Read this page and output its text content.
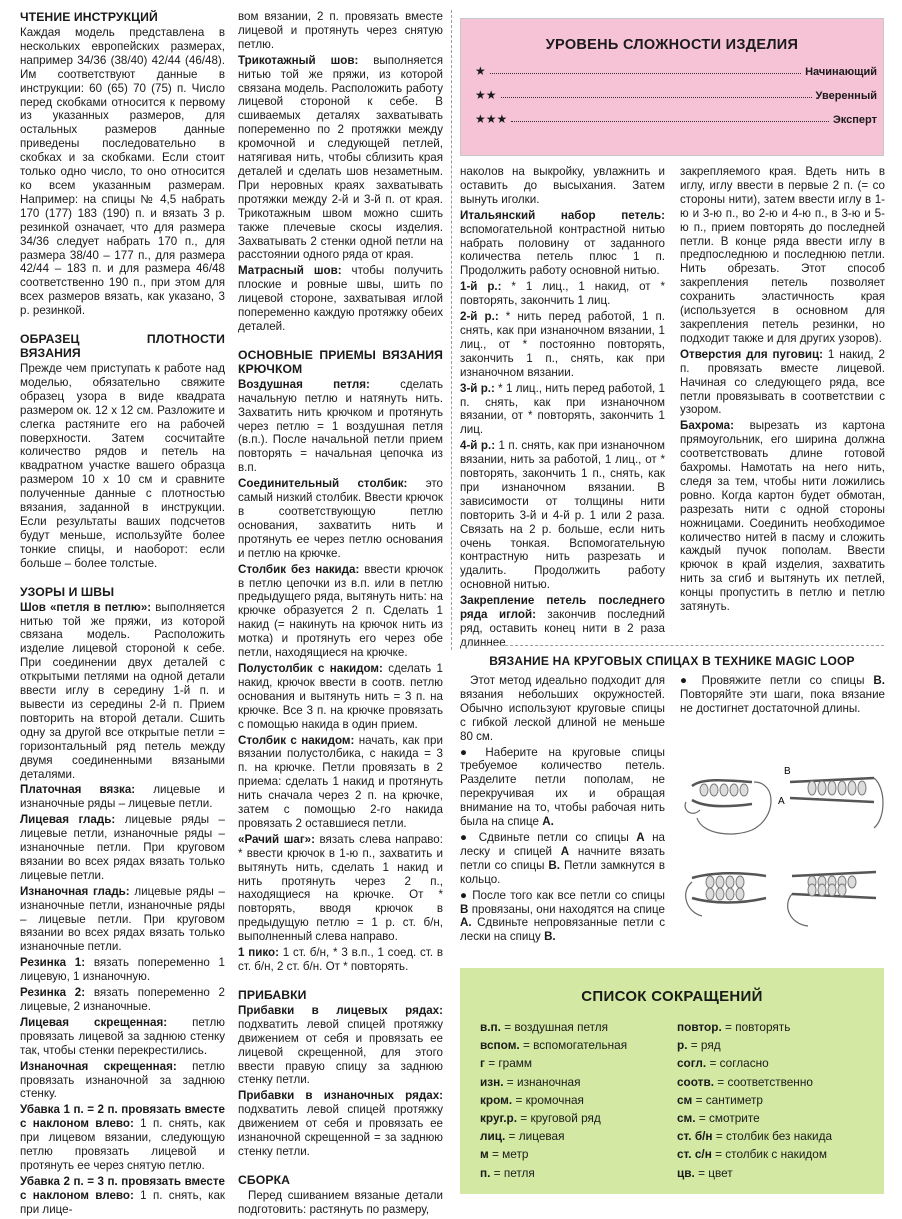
ЧТЕНИЕ ИНСТРУКЦИЙ

Каждая модель представлена в нескольких европейских размерах, например 34/36 (38/40) 42/44 (46/48). Им соответствуют данные в инструкции: 60 (65) 70 (75) п. Число перед скобками относится к первому из указанных размеров, для остальных размеров данные приведены последовательно в скобках и за скобками. Если стоит только одно число, то оно относится ко всем указанным размерам. Например: на спицы № 4,5 набрать 170 (177) 183 (190) п. и вязать 3 р. резинкой означает, что для размера 34/36 следует набрать 170 п., для размера 38/40 – 177 п., для размера 42/44 – 183 п. и для размера 46/48 соответственно 190 п., при этом для всех размеров вязать, как указано, 3 р. резинкой.

ОБРАЗЕЦ ПЛОТНОСТИ ВЯЗАНИЯ

Прежде чем приступать к работе над моделью, обязательно свяжите образец узора в виде квадрата размером ок. 12 х 12 см. Разложите и слегка растяните его на рабочей поверхности. Затем сосчитайте количество рядов и петель на квадратном участке вашего образца размером 10 х 10 см и сравните полученные данные с плотностью вязания, заданной в инструкции. Если результаты ваших подсчетов будут меньше, используйте более тонкие спицы, и наоборот: если больше – более толстые.

УЗОРЫ И ШВЫ

Шов «петля в петлю»: выполняется нитью той же пряжи, из которой связана модель. Расположить изделие лицевой стороной к себе. При соединении двух деталей с открытыми петлями на одной детали ввести иглу в середину 1-й п. и вывести из середины 2-й п. Прием повторить на второй детали. Сшить одну за другой все открытые петли = горизонтальный ряд петель между двумя соединенными вязаными деталями.

Платочная вязка: лицевые и изнаночные ряды – лицевые петли.

Лицевая гладь: лицевые ряды – лицевые петли, изнаночные ряды – изнаночные петли. При круговом вязании во всех рядах вязать только лицевые петли.

Изнаночная гладь: лицевые ряды – изнаночные петли, изнаночные ряды – лицевые петли. При круговом вязании во всех рядах вязать только изнаночные петли.

Резинка 1: вязать попеременно 1 лицевую, 1 изнаночную.

Резинка 2: вязать попеременно 2 лицевые, 2 изнаночные.

Лицевая скрещенная: петлю провязать лицевой за заднюю стенку так, чтобы стенки перекрестились.

Изнаночная скрещенная: петлю провязать изнаночной за заднюю стенку.

Убавка 1 п. = 2 п. провязать вместе с наклоном влево: 1 п. снять, как при лицевом вязании, следующую петлю провязать лицевой и протянуть ее через снятую петлю.

Убавка 2 п. = 3 п. провязать вместе с наклоном влево: 1 п. снять, как при лице-

вом вязании, 2 п. провязать вместе лицевой и протянуть через снятую петлю.

Трикотажный шов: выполняется нитью той же пряжи, из которой связана модель. Расположить работу лицевой стороной к себе. В сшиваемых деталях захватывать попеременно по 2 протяжки между кромочной и следующей петлей, натягивая нить, чтобы сблизить края деталей и сделать шов незаметным. При неровных краях захватывать протяжки между 2-й и 3-й п. от края. Трикотажным швом можно сшить также плечевые скосы изделия. Захватывать 2 стенки одной петли на расстоянии одного ряда от края.

Матрасный шов: чтобы получить плоские и ровные швы, шить по лицевой стороне, захватывая иглой попеременно каждую протяжку обеих деталей.

ОСНОВНЫЕ ПРИЕМЫ ВЯЗАНИЯ КРЮЧКОМ

Воздушная петля: сделать начальную петлю и натянуть нить. Захватить нить крючком и протянуть через петлю = 1 воздушная петля (в.п.). После начальной петли прием повторять = начальная цепочка из в.п.

Соединительный столбик: это самый низкий столбик. Ввести крючок в соответствующую петлю основания, захватить нить и протянуть ее через петлю основания и петлю на крючке.

Столбик без накида: ввести крючок в петлю цепочки из в.п. или в петлю предыдущего ряда, вытянуть нить: на крючке образуется 2 п. Сделать 1 накид (= накинуть на крючок нить из мотка) и протянуть его через обе петли, находящиеся на крючке.

Полустолбик с накидом: сделать 1 накид, крючок ввести в соотв. петлю основания и вытянуть нить = 3 п. на крючке. Все 3 п. на крючке провязать с помощью накида в один прием.

Столбик с накидом: начать, как при вязании полустолбика, с накида = 3 п. на крючке. Петли провязать в 2 приема: сделать 1 накид и протянуть нить сначала через 2 п. на крючке, затем с помощью 2-го накида провязать 2 оставшиеся петли.

«Рачий шаг»: вязать слева направо: * ввести крючок в 1-ю п., захватить и вытянуть нить, сделать 1 накид и нить протянуть через 2 п., находящиеся на крючке. От * повторять, вводя крючок в предыдущую петлю = 1 р. ст. б/н, выполненный слева направо.

1 пико: 1 ст. б/н, * 3 в.п., 1 соед. ст. в ст. б/н, 2 ст. б/н. От * повторять.

ПРИБАВКИ

Прибавки в лицевых рядах: подхватить левой спицей протяжку движением от себя и провязать ее лицевой скрещенной, для этого ввести правую спицу за заднюю стенку петли.

Прибавки в изнаночных рядах: подхватить левой спицей протяжку движением от себя и провязать ее изнаночной скрещенной = за заднюю стенку петли.

СБОРКА

Перед сшиванием вязаные детали подготовить: растянуть по размеру,

УРОВЕНЬ СЛОЖНОСТИ ИЗДЕЛИЯ
★	Начинающий
★★	Уверенный
★★★	Эксперт

наколов на выкройку, увлажнить и оставить до высыхания. Затем вынуть иголки.

Итальянский набор петель: вспомогательной контрастной нитью набрать половину от заданного количества петель плюс 1 п. Продолжить работу основной нитью.

1-й р.: * 1 лиц., 1 накид, от * повторять, закончить 1 лиц.

2-й р.: * нить перед работой, 1 п. снять, как при изнаночном вязании, 1 лиц., от * постоянно повторять, закончить 1 п., снять, как при изнаночном вязании.

3-й р.: * 1 лиц., нить перед работой, 1 п. снять, как при изнаночном вязании, от * повторять, закончить 1 лиц.

4-й р.: 1 п. снять, как при изнаночном вязании, нить за работой, 1 лиц., от * повторять, закончить 1 п., снять, как при изнаночном вязании. В зависимости от толщины нити повторить 3-й и 4-й р. 1 или 2 раза. Связать на 2 р. больше, если нить очень тонкая. Вспомогательную контрастную нить разрезать и удалить. Продолжить работу основной нитью.

Закрепление петель последнего ряда иглой: закончив последний ряд, оставить конец нити в 2 раза длиннее

закрепляемого края. Вдеть нить в иглу, иглу ввести в первые 2 п. (= со стороны нити), затем ввести иглу в 1-ю и 3-ю п., во 2-ю и 4-ю п., в 3-ю и 5-ю п., прием повторять до последней петли. В конце ряда ввести иглу в предпоследнюю и последнюю петли. Нить обрезать. Этот способ закрепления петель позволяет сохранить эластичность края (используется в основном для закрепления петель резинки, но подходит также и для других узоров).

Отверстия для пуговиц: 1 накид, 2 п. провязать вместе лицевой. Начиная со следующего ряда, все петли провязывать в соответствии с узором.

Бахрома: вырезать из картона прямоугольник, его ширина должна соответствовать длине готовой бахромы. Намотать на него нить, следя за тем, чтобы нити ложились ровно. Когда картон будет обмотан, разрезать нити с одной стороны ножницами. Соединить необходимое количество нитей в пасму и сложить каждый пучок пополам. Ввести крючок в край изделия, захватить нить за сгиб и вытянуть их петлей, концы пропустить в петлю и петлю затянуть.

ВЯЗАНИЕ НА КРУГОВЫХ СПИЦАХ В ТЕХНИКЕ MAGIC LOOP

Этот метод идеально подходит для вязания небольших окружностей. Обычно используют круговые спицы с гибкой леской длиной не меньше 80 см.

● Наберите на круговые спицы требуемое количество петель. Разделите петли пополам, не перекручивая их и обращая внимание на то, чтобы рабочая нить была на спице А.

● Сдвиньте петли со спицы А на леску и спицей А начните вязать петли со спицы В. Петли замкнутся в кольцо.

● После того как все петли со спицы В провязаны, они находятся на спице А. Сдвиньте непровязанные петли с лески на спицу В.

● Провяжите петли со спицы В. Повторяйте эти шаги, пока вязание не достигнет достаточной длины.

B
A
СПИСОК СОКРАЩЕНИЙ
в.п. = воздушная петля
вспом. = вспомогательная
г = грамм
изн. = изнаночная
кром. = кромочная
круг.р. = круговой ряд
лиц. = лицевая
м = метр
п. = петля
повтор. = повторять
р. = ряд
согл. = согласно
соотв. = соответственно
см = сантиметр
см. = смотрите
ст. б/н = столбик без накида
ст. с/н = столбик с накидом
цв. = цвет
